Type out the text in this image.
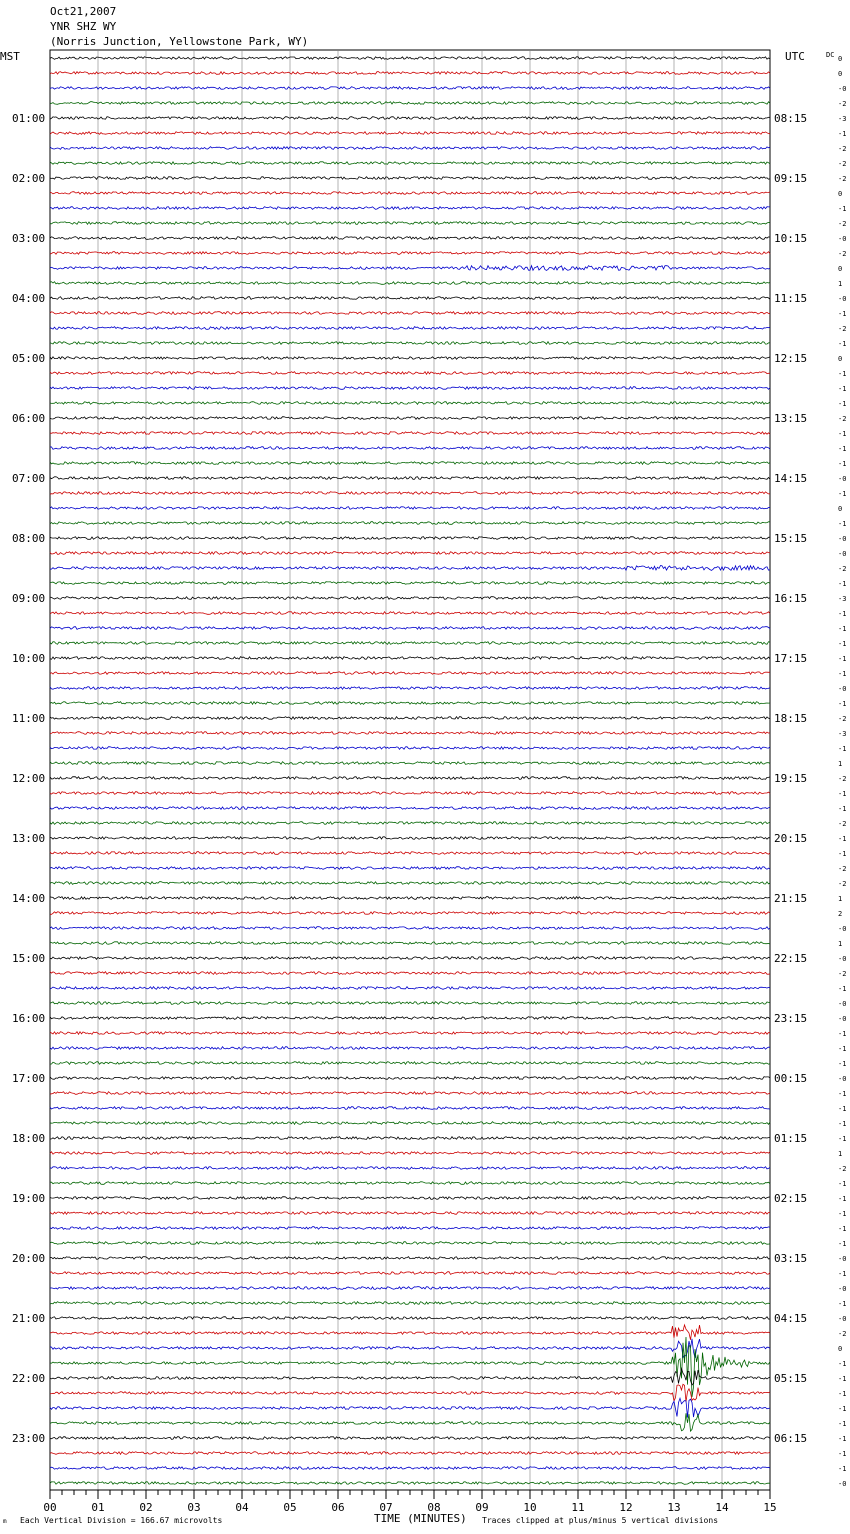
Oct21,2007
YNR SHZ WY
(Norris Junction, Yellowstone Park, WY)
MST	UTC	DC
01:00
02:00
03:00
04:00
05:00
06:00
07:00
08:00
09:00
10:00
11:00
12:00
13:00
14:00
15:00
16:00
17:00
18:00
19:00
20:00
21:00
22:00
23:00
08:15
09:15
10:15
11:15
12:15
13:15
14:15
15:15
16:15
17:15
18:15
19:15
20:15
21:15
22:15
23:15
00:15
01:15
02:15
03:15
04:15
05:15
06:15
0
0
-0
-2
-3
-1
-2
-2
-2
0
-1
-2
-0
-2
0
1
-0
-1
-2
-1
0
-1
-1
-1
-2
-1
-1
-1
-0
-1
0
-1
-0
-0
-2
-1
-3
-1
-1
-1
-1
-1
-0
-1
-2
-3
-1
1
-2
-1
-1
-2
-1
-1
-2
-2
1
2
-0
1
-0
-2
-1
-0
-0
-1
-1
-1
-0
-1
-1
-1
-1
1
-2
-1
-1
-1
-1
-1
-0
-1
-0
-1
-0
-2
0
-1
-1
-1
-1
-1
-1
-1
-1
-0
00	01	02	03	04	05	06	07	08	09	10	11	12	13	14	15
m Each Vertical Division = 166.67 microvolts	TIME (MINUTES) Traces clipped at plus/minus 5 vertical divisions
